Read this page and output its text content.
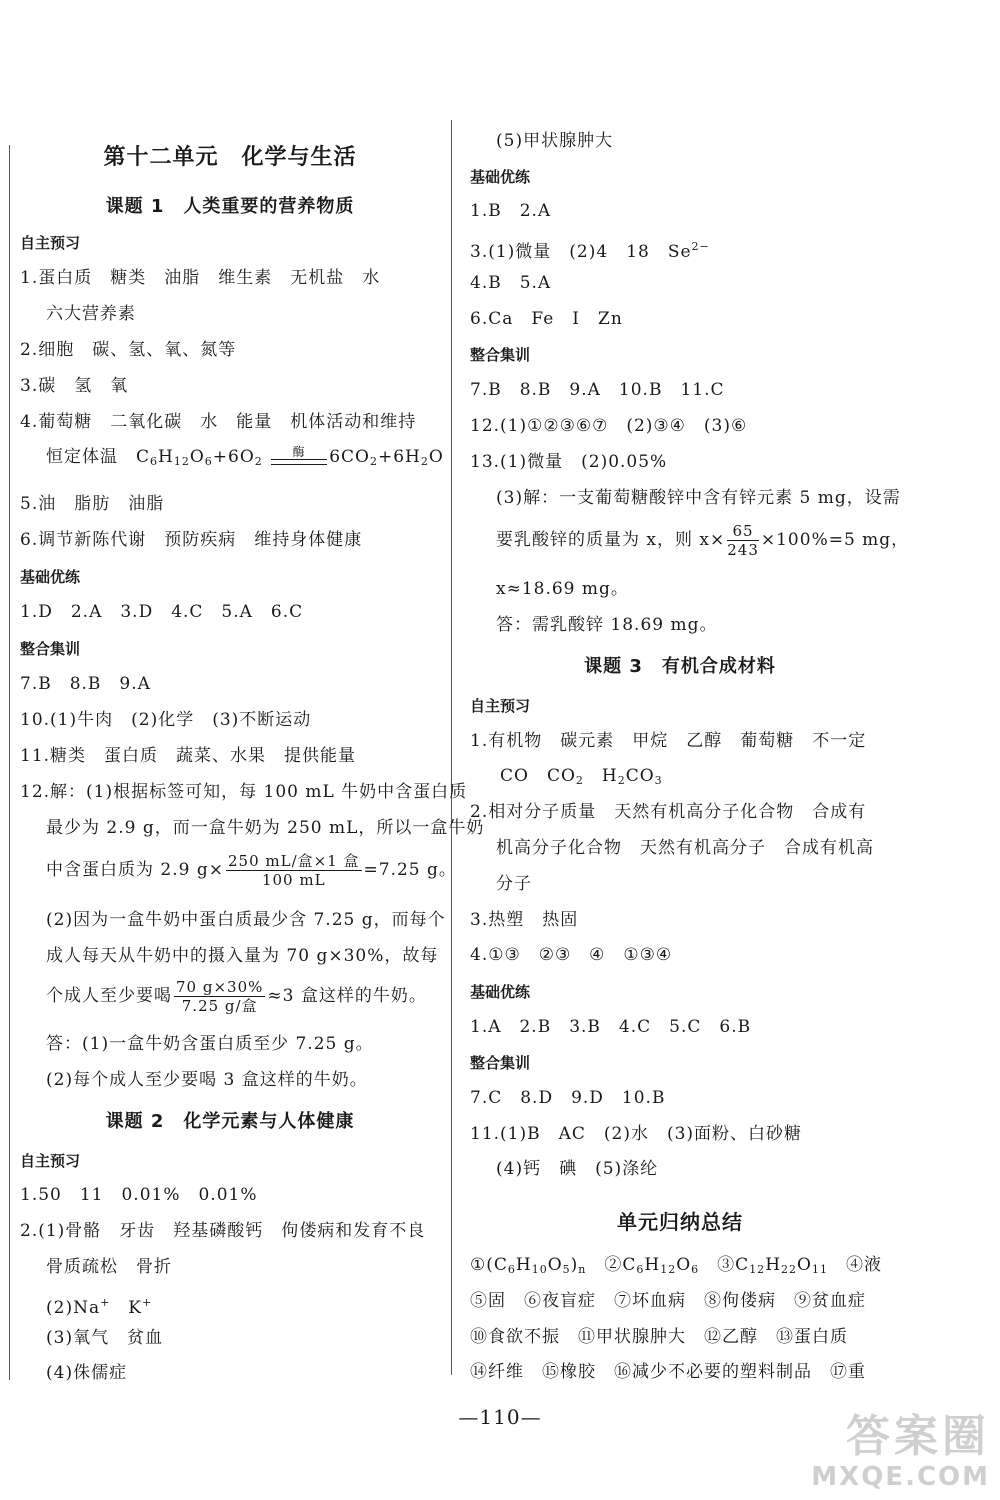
第十二单元　化学与生活
课题 1　人类重要的营养物质
自主预习
1.蛋白质　糖类　油脂　维生素　无机盐　水
六大营养素
2.细胞　碳、氢、氧、氮等
3.碳　氢　氧
4.葡萄糖　二氧化碳　水　能量　机体活动和维持
恒定体温　$C_6H_{12}O_6+6O_2$
酶	$6CO_2+6H_2O$
5.油　脂肪　油脂
6.调节新陈代谢　预防疾病　维持身体健康
基础优练
1.D　2.A　3.D　4.C　5.A　6.C
整合集训
7.B　8.B　9.A
10.(1)牛肉　(2)化学　(3)不断运动
11.糖类　蛋白质　蔬菜、水果　提供能量
12.解：(1)根据标签可知，每 100 mL 牛奶中含蛋白质
最少为 2.9 g，而一盒牛奶为 250 mL，所以一盒牛奶
中含蛋白质为 2.9 $g\times \frac{\text{250 mL/盒×1 盒}}{100 mL} =7.25$ g。
(2)因为一盒牛奶中蛋白质最少含 7.25 g，而每个
成人每天从牛奶中的摄入量为 70 g×30%，故每
个成人至少要喝 $\frac{70 g\times 30\%}{\text{7.25 g/盒}} \approx 3$ 盒这样的牛奶。
答：(1)一盒牛奶含蛋白质至少 7.25 g。
(2)每个成人至少要喝 3 盒这样的牛奶。
课题 2　化学元素与人体健康
自主预习
1.50　11　0.01%　0.01%
2.(1)骨骼　牙齿　羟基磷酸钙　佝偻病和发育不良
骨质疏松　骨折
(2)Na+　K+
(3)氧气　贫血
(4)侏儒症
(5)甲状腺肿大
基础优练
1.B　2.A
3.(1)微量　(2)4　18　$Se^{2-}$
4.B　5.A
6.Ca　Fe　I　Zn
整合集训
7.B　8.B　9.A　10.B　11.C
12.(1)①②③⑥⑦　(2)③④　(3)⑥
13.(1)微量　(2)0.05%
(3)解：一支葡萄糖酸锌中含有锌元素 5 mg，设需
要乳酸锌的质量为 x，则 $x\times \frac{65}{243} \times 100\%=5$ mg，
x≈18.69 mg。
答：需乳酸锌 18.69 mg。
课题 3　有机合成材料
自主预习
1.有机物　碳元素　甲烷　乙醇　葡萄糖　不一定
CO　$CO_2$　$H_2CO_3$
2.相对分子质量　天然有机高分子化合物　合成有
机高分子化合物　天然有机高分子　合成有机高
分子
3.热塑　热固
4.①③　②③　④　①③④
基础优练
1.A　2.B　3.B　4.C　5.C　6.B
整合集训
7.C　8.D　9.D　10.B
11.(1)B　AC　(2)水　(3)面粉、白砂糖
(4)钙　碘　(5)涤纶
单元归纳总结
$①(C_6H_{10}O_5)_n$　$②C_6H_{12}O_6$　$③C_{12}H_{22}O_{11}$　④液
⑤固　⑥夜盲症　⑦坏血病　⑧佝偻病　⑨贫血症
⑩食欲不振　⑪甲状腺肿大　⑫乙醇　⑬蛋白质
⑭纤维　⑮橡胶　⑯减少不必要的塑料制品　⑰重
—110—	答案圈
MXQE.COM
